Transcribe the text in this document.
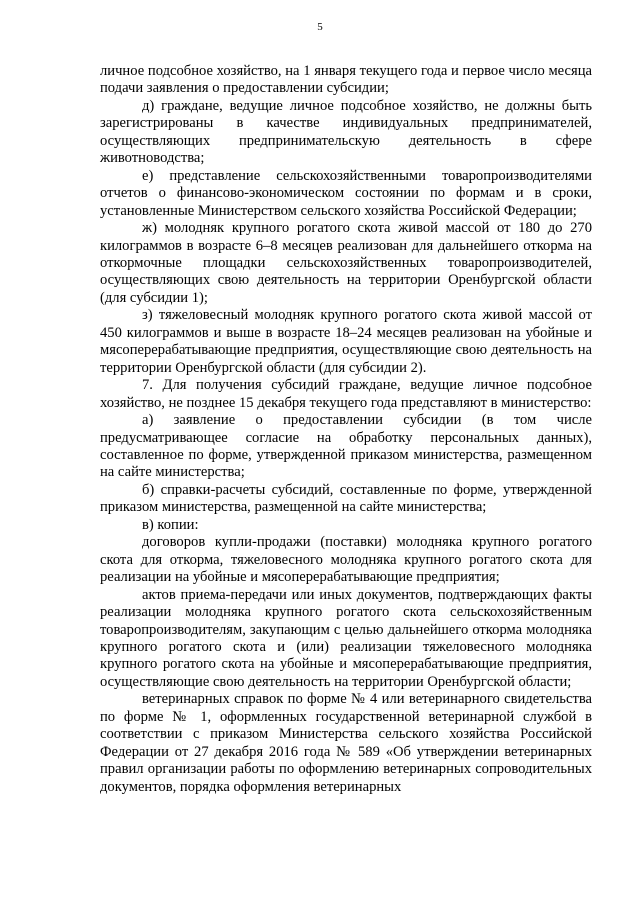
5

личное подсобное хозяйство, на 1 января текущего года и первое число месяца подачи заявления о предоставлении субсидии;

д) граждане, ведущие личное подсобное хозяйство, не должны быть зарегистрированы в качестве индивидуальных предпринимателей, осуществляющих предпринимательскую деятельность в сфере животноводства;

е) представление сельскохозяйственными товаропроизводителями отчетов о финансово-экономическом состоянии по формам и в сроки, установленные Министерством сельского хозяйства Российской Федерации;

ж) молодняк крупного рогатого скота живой массой от 180 до 270 килограммов в возрасте 6–8 месяцев реализован для дальнейшего откорма на откормочные площадки сельскохозяйственных товаропроизводителей, осуществляющих свою деятельность на территории Оренбургской области (для субсидии 1);

з) тяжеловесный молодняк крупного рогатого скота живой массой от 450 килограммов и выше в возрасте 18–24 месяцев реализован на убойные и мясоперерабатывающие предприятия, осуществляющие свою деятельность на территории Оренбургской области (для субсидии 2).

7. Для получения субсидий граждане, ведущие личное подсобное хозяйство, не позднее 15 декабря текущего года представляют в министерство:

а) заявление о предоставлении субсидии (в том числе предусматривающее согласие на обработку персональных данных), составленное по форме, утвержденной приказом министерства, размещенном на сайте министерства;

б) справки-расчеты субсидий, составленные по форме, утвержденной приказом министерства, размещенной на сайте министерства;

в) копии:

договоров купли-продажи (поставки) молодняка крупного рогатого скота для откорма, тяжеловесного молодняка крупного рогатого скота для реализации на убойные и мясоперерабатывающие предприятия;

актов приема-передачи или иных документов, подтверждающих факты реализации молодняка крупного рогатого скота сельскохозяйственным товаропроизводителям, закупающим с целью дальнейшего откорма молодняка крупного рогатого скота и (или) реализации тяжеловесного молодняка крупного рогатого скота на убойные и мясоперерабатывающие предприятия, осуществляющие свою деятельность на территории Оренбургской области;

ветеринарных справок по форме № 4 или ветеринарного свидетельства по форме № 1, оформленных государственной ветеринарной службой в соответствии с приказом Министерства сельского хозяйства Российской Федерации от 27 декабря 2016 года № 589 «Об утверждении ветеринарных правил организации работы по оформлению ветеринарных сопроводительных документов, порядка оформления ветеринарных
